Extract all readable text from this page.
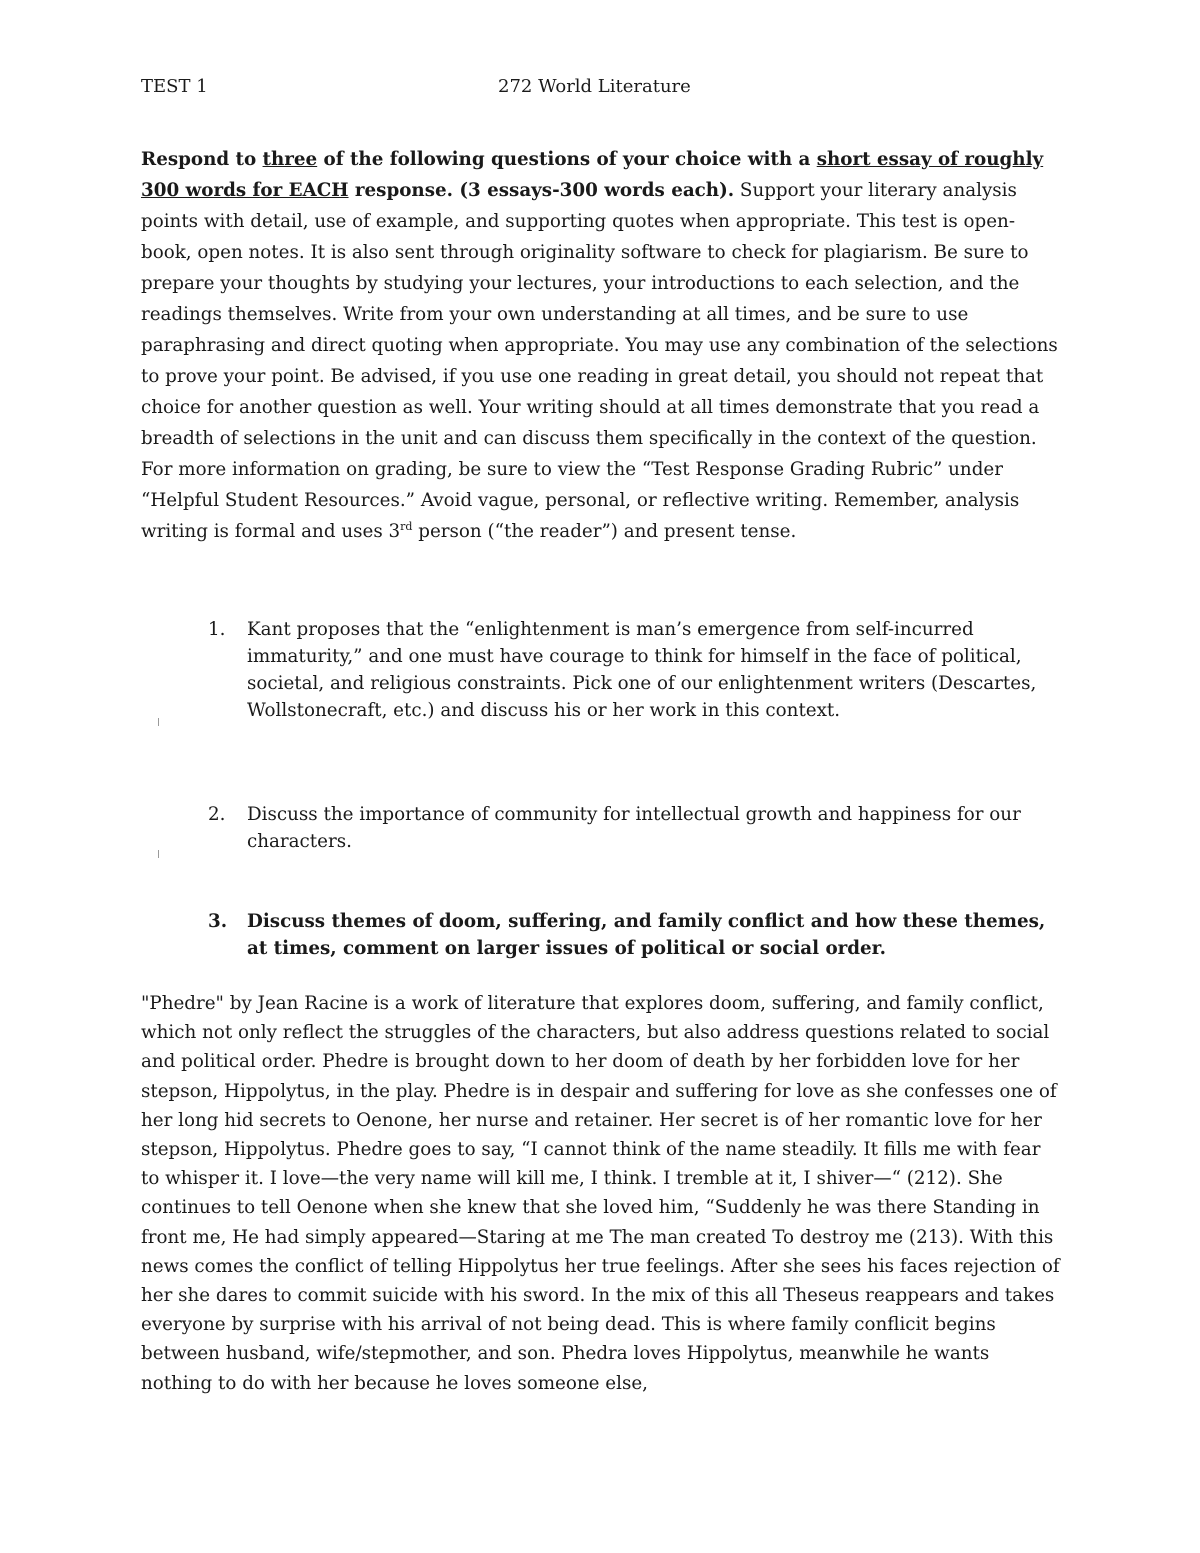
TEST 1	272 World Literature

Respond to three of the following questions of your choice with a short essay of roughly 300 words for EACH response. (3 essays-300 words each). Support your literary analysis points with detail, use of example, and supporting quotes when appropriate. This test is open-book, open notes. It is also sent through originality software to check for plagiarism. Be sure to prepare your thoughts by studying your lectures, your introductions to each selection, and the readings themselves. Write from your own understanding at all times, and be sure to use paraphrasing and direct quoting when appropriate. You may use any combination of the selections to prove your point. Be advised, if you use one reading in great detail, you should not repeat that choice for another question as well. Your writing should at all times demonstrate that you read a breadth of selections in the unit and can discuss them specifically in the context of the question. For more information on grading, be sure to view the “Test Response Grading Rubric” under “Helpful Student Resources.” Avoid vague, personal, or reflective writing. Remember, analysis writing is formal and uses 3rd person (“the reader”) and present tense.

1. Kant proposes that the “enlightenment is man’s emergence from self-incurred immaturity,” and one must have courage to think for himself in the face of political, societal, and religious constraints. Pick one of our enlightenment writers (Descartes, Wollstonecraft, etc.) and discuss his or her work in this context.
2. Discuss the importance of community for intellectual growth and happiness for our characters.
3. Discuss themes of doom, suffering, and family conflict and how these themes, at times, comment on larger issues of political or social order.

"Phedre" by Jean Racine is a work of literature that explores doom, suffering, and family conflict, which not only reflect the struggles of the characters, but also address questions related to social and political order. Phedre is brought down to her doom of death by her forbidden love for her stepson, Hippolytus, in the play. Phedre is in despair and suffering for love as she confesses one of her long hid secrets to Oenone, her nurse and retainer. Her secret is of her romantic love for her stepson, Hippolytus. Phedre goes to say, “I cannot think of the name steadily. It fills me with fear to whisper it. I love—the very name will kill me, I think. I tremble at it, I shiver—“ (212). She continues to tell Oenone when she knew that she loved him, “Suddenly he was there Standing in front me, He had simply appeared—Staring at me The man created To destroy me (213). With this news comes the conflict of telling Hippolytus her true feelings. After she sees his faces rejection of her she dares to commit suicide with his sword. In the mix of this all Theseus reappears and takes everyone by surprise with his arrival of not being dead. This is where family conflicit begins between husband, wife/stepmother, and son. Phedra loves Hippolytus, meanwhile he wants nothing to do with her because he loves someone else,
